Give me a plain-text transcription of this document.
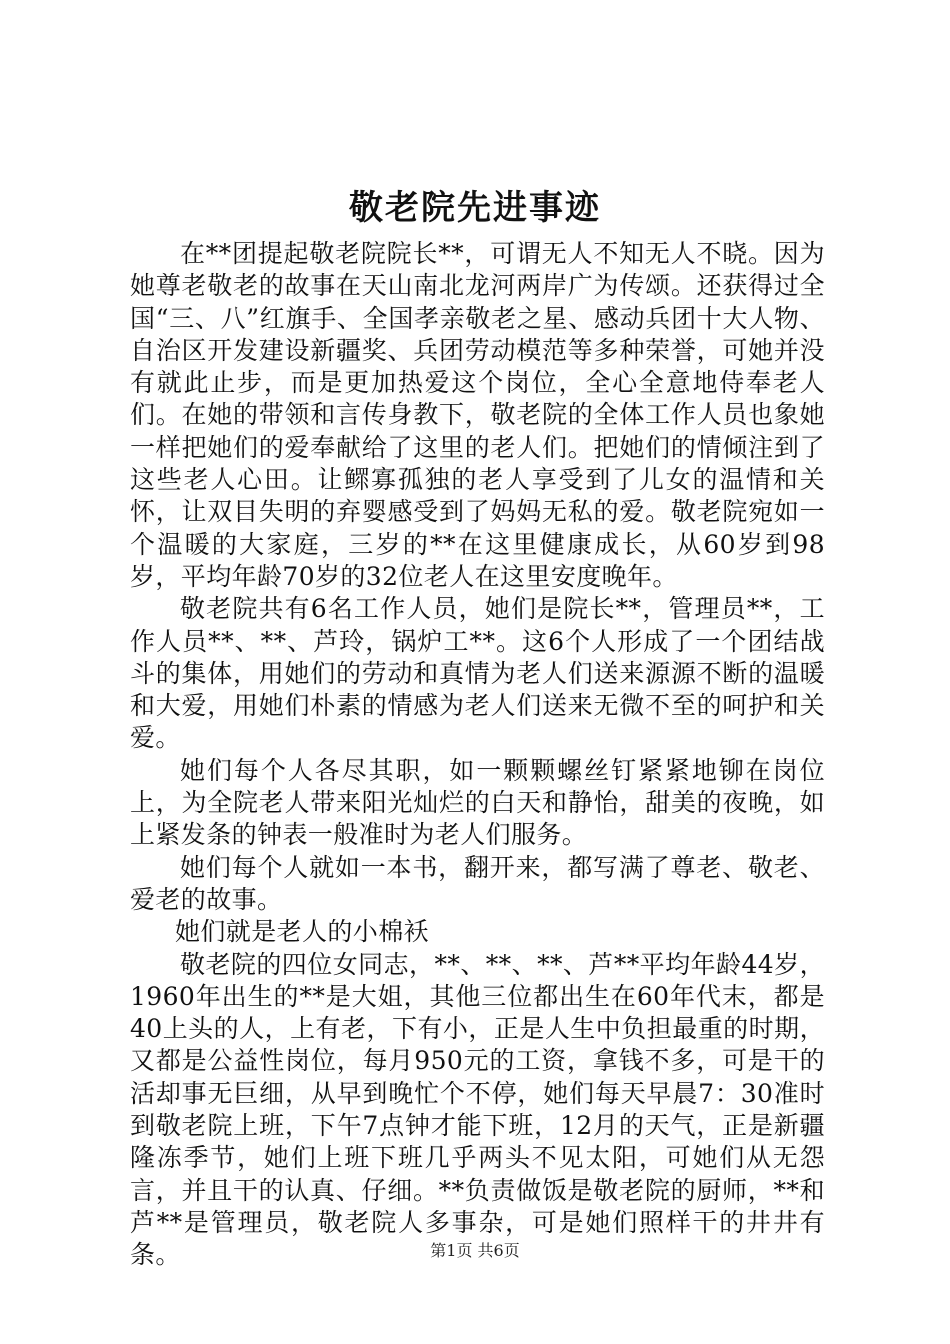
敬老院先进事迹

在**团提起敬老院院长**，可谓无人不知无人不晓。因为她尊老敬老的故事在天山南北龙河两岸广为传颂。还获得过全国“三、八”红旗手、全国孝亲敬老之星、感动兵团十大人物、自治区开发建设新疆奖、兵团劳动模范等多种荣誉，可她并没有就此止步，而是更加热爱这个岗位，全心全意地侍奉老人们。在她的带领和言传身教下，敬老院的全体工作人员也象她一样把她们的爱奉献给了这里的老人们。把她们的情倾注到了这些老人心田。让鳏寡孤独的老人享受到了儿女的温情和关怀，让双目失明的弃婴感受到了妈妈无私的爱。敬老院宛如一个温暖的大家庭，三岁的**在这里健康成长，从60岁到98岁，平均年龄70岁的32位老人在这里安度晚年。

敬老院共有6名工作人员，她们是院长**，管理员**，工作人员**、**、芦玲，锅炉工**。这6个人形成了一个团结战斗的集体，用她们的劳动和真情为老人们送来源源不断的温暖和大爱，用她们朴素的情感为老人们送来无微不至的呵护和关爱。

她们每个人各尽其职，如一颗颗螺丝钉紧紧地铆在岗位上，为全院老人带来阳光灿烂的白天和静怡，甜美的夜晚，如上紧发条的钟表一般准时为老人们服务。

她们每个人就如一本书，翻开来，都写满了尊老、敬老、爱老的故事。

她们就是老人的小棉袄

敬老院的四位女同志，**、**、**、芦**平均年龄44岁，1960年出生的**是大姐，其他三位都出生在60年代末，都是40上头的人，上有老，下有小，正是人生中负担最重的时期，又都是公益性岗位，每月950元的工资，拿钱不多，可是干的活却事无巨细，从早到晚忙个不停，她们每天早晨7：30准时到敬老院上班，下午7点钟才能下班，12月的天气，正是新疆隆冻季节，她们上班下班几乎两头不见太阳，可她们从无怨言，并且干的认真、仔细。**负责做饭是敬老院的厨师，**和芦**是管理员，敬老院人多事杂，可是她们照样干的井井有条。	第1页 共6页
